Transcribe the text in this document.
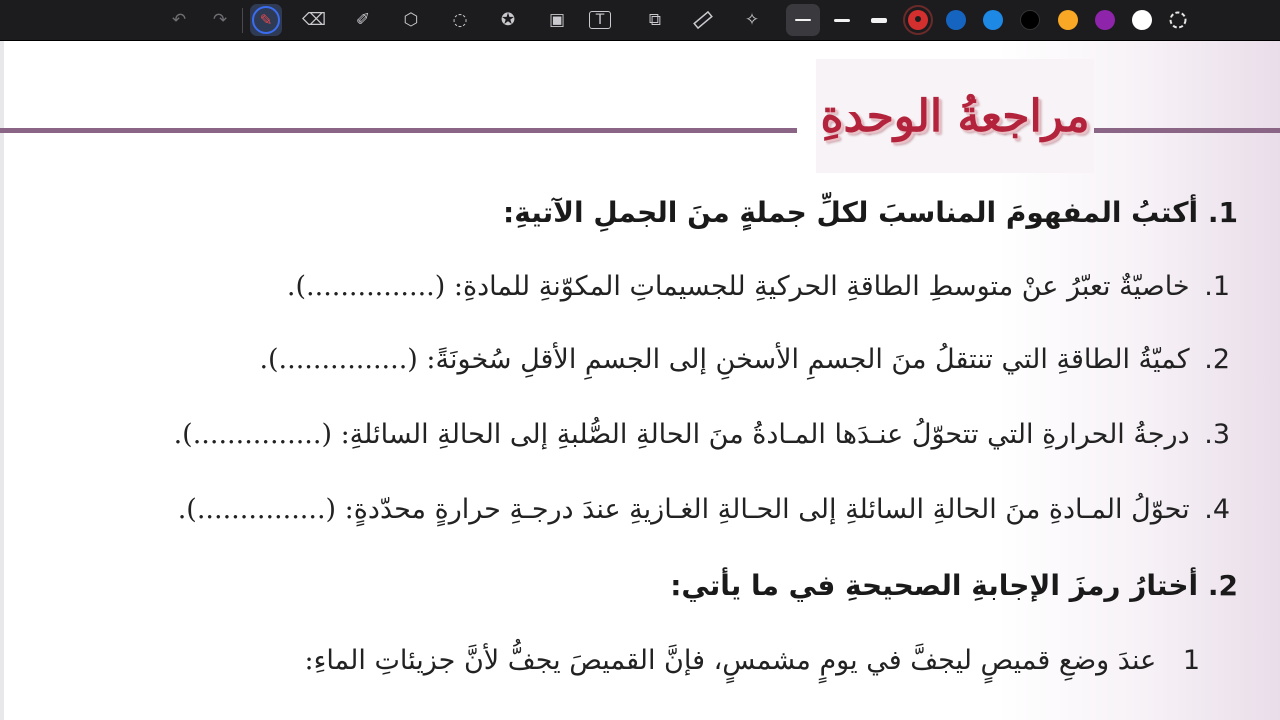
↶	↷	✎ ⌫	✐	⬡	◌	✪	▣	T	⧉	✧
مراجعةُ الوحدةِ
1. أكتبُ المفهومَ المناسبَ لكلِّ جملةٍ منَ الجملِ الآتيةِ:
1. خاصيّةٌ تعبّرُ عنْ متوسطِ الطاقةِ الحركيةِ للجسيماتِ المكوّنةِ للمادةِ: (...............).
2. كميّةُ الطاقةِ التي تنتقلُ منَ الجسمِ الأسخنِ إلى الجسمِ الأقلِ سُخونَةً: (...............).
3. درجةُ الحرارةِ التي تتحوّلُ عنـدَها المـادةُ منَ الحالةِ الصُّلبةِ إلى الحالةِ السائلةِ: (...............).
4. تحوّلُ المـادةِ منَ الحالةِ السائلةِ إلى الحـالةِ الغـازيةِ عندَ درجـةِ حرارةٍ محدّدةٍ: (...............).
2. أختارُ رمزَ الإجابةِ الصحيحةِ في ما يأتي:
1 عندَ وضعِ قميصٍ ليجفَّ في يومٍ مشمسٍ، فإنَّ القميصَ يجفُّ لأنَّ جزيئاتِ الماءِ:
